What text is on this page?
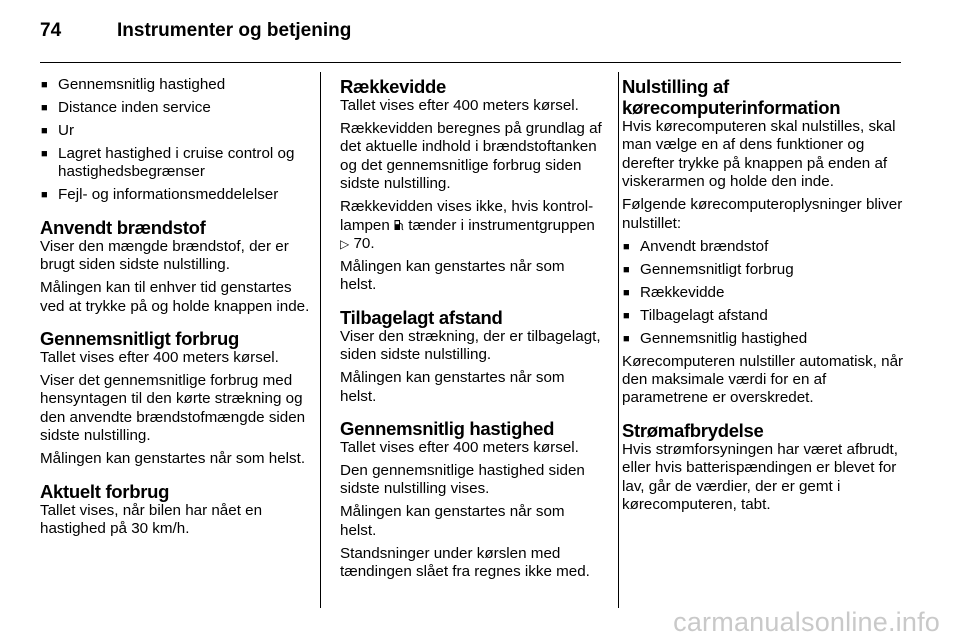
74	Instrumenter og betjening
■ Gennemsnitlig hastighed
■ Distance inden service
■ Ur
■ Lagret hastighed i cruise control og hastighedsbegrænser
■ Fejl- og informationsmeddelelser
Anvendt brændstof

Viser den mængde brændstof, der er brugt siden sidste nulstilling.

Målingen kan til enhver tid genstartes ved at trykke på og holde knappen inde.

Gennemsnitligt forbrug

Tallet vises efter 400 meters kørsel.

Viser det gennemsnitlige forbrug med hensyntagen til den kørte strækning og den anvendte brændstofmængde siden sidste nulstilling.

Målingen kan genstartes når som helst.

Aktuelt forbrug

Tallet vises, når bilen har nået en hastighed på 30 km/h.

Rækkevidde

Tallet vises efter 400 meters kørsel.

Rækkevidden beregnes på grundlag af det aktuelle indhold i brændstoftanken og det gennemsnitlige forbrug siden sidste nulstilling.

Rækkevidden vises ikke, hvis kontrollampen  tænder i instrumentgruppen ▷ 70.

Målingen kan genstartes når som helst.

Tilbagelagt afstand

Viser den strækning, der er tilbagelagt, siden sidste nulstilling.

Målingen kan genstartes når som helst.

Gennemsnitlig hastighed

Tallet vises efter 400 meters kørsel.

Den gennemsnitlige hastighed siden sidste nulstilling vises.

Målingen kan genstartes når som helst.

Standsninger under kørslen med tændingen slået fra regnes ikke med.

Nulstilling af kørecomputerinformation

Hvis kørecomputeren skal nulstilles, skal man vælge en af dens funktioner og derefter trykke på knappen på enden af viskerarmen og holde den inde.

Følgende kørecomputeroplysninger bliver nulstillet:

■ Anvendt brændstof
■ Gennemsnitligt forbrug
■ Rækkevidde
■ Tilbagelagt afstand
■ Gennemsnitlig hastighed

Kørecomputeren nulstiller automatisk, når den maksimale værdi for en af parametrene er overskredet.

Strømafbrydelse

Hvis strømforsyningen har været afbrudt, eller hvis batterispændingen er blevet for lav, går de værdier, der er gemt i kørecomputeren, tabt.

carmanualsonline.info
